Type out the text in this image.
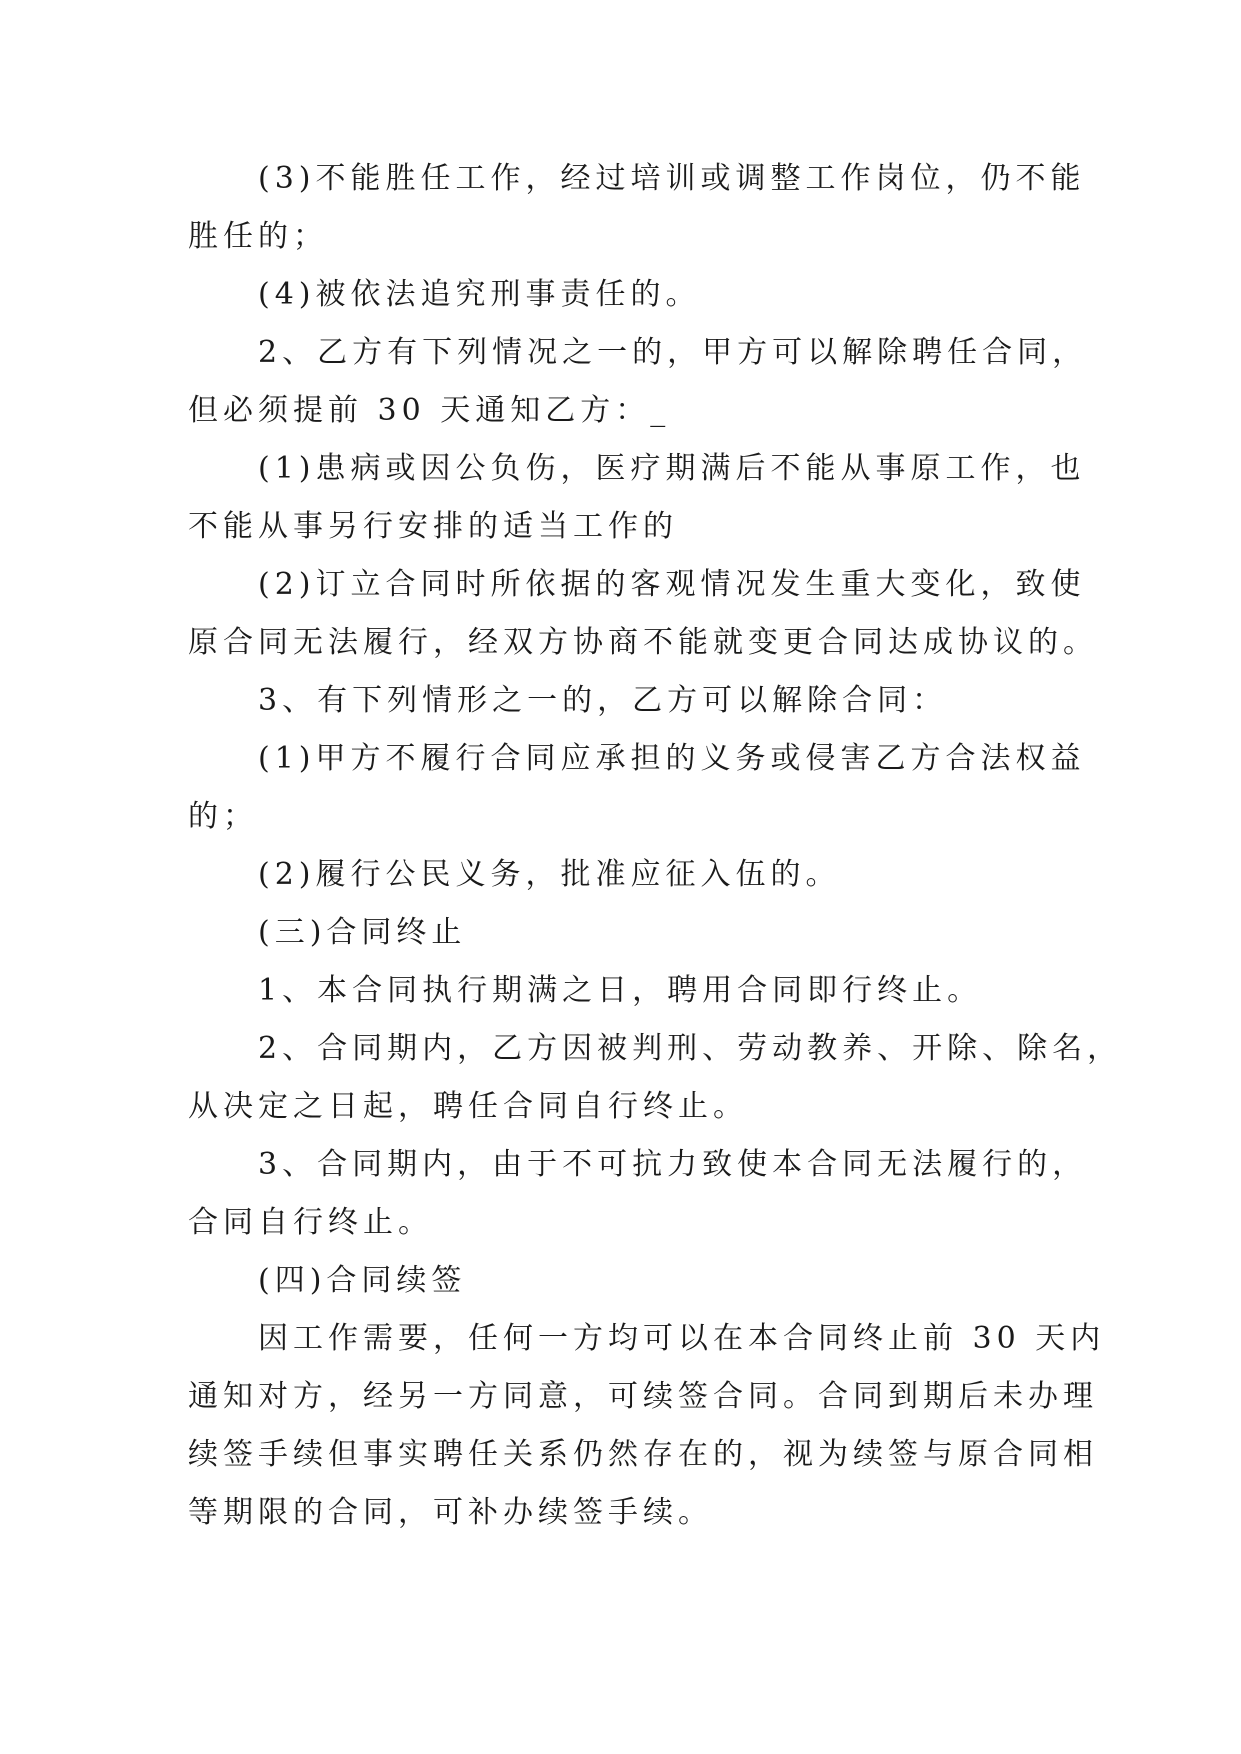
(3)不能胜任工作，经过培训或调整工作岗位，仍不能
胜任的；
(4)被依法追究刑事责任的。
2、乙方有下列情况之一的，甲方可以解除聘任合同，
但必须提前 30 天通知乙方：_
(1)患病或因公负伤，医疗期满后不能从事原工作，也
不能从事另行安排的适当工作的
(2)订立合同时所依据的客观情况发生重大变化，致使
原合同无法履行，经双方协商不能就变更合同达成协议的。
3、有下列情形之一的，乙方可以解除合同：
(1)甲方不履行合同应承担的义务或侵害乙方合法权益
的；
(2)履行公民义务，批准应征入伍的。
(三)合同终止
1、本合同执行期满之日，聘用合同即行终止。
2、合同期内，乙方因被判刑、劳动教养、开除、除名，
从决定之日起，聘任合同自行终止。
3、合同期内，由于不可抗力致使本合同无法履行的，
合同自行终止。
(四)合同续签
因工作需要，任何一方均可以在本合同终止前 30 天内
通知对方，经另一方同意，可续签合同。合同到期后未办理
续签手续但事实聘任关系仍然存在的，视为续签与原合同相
等期限的合同，可补办续签手续。
